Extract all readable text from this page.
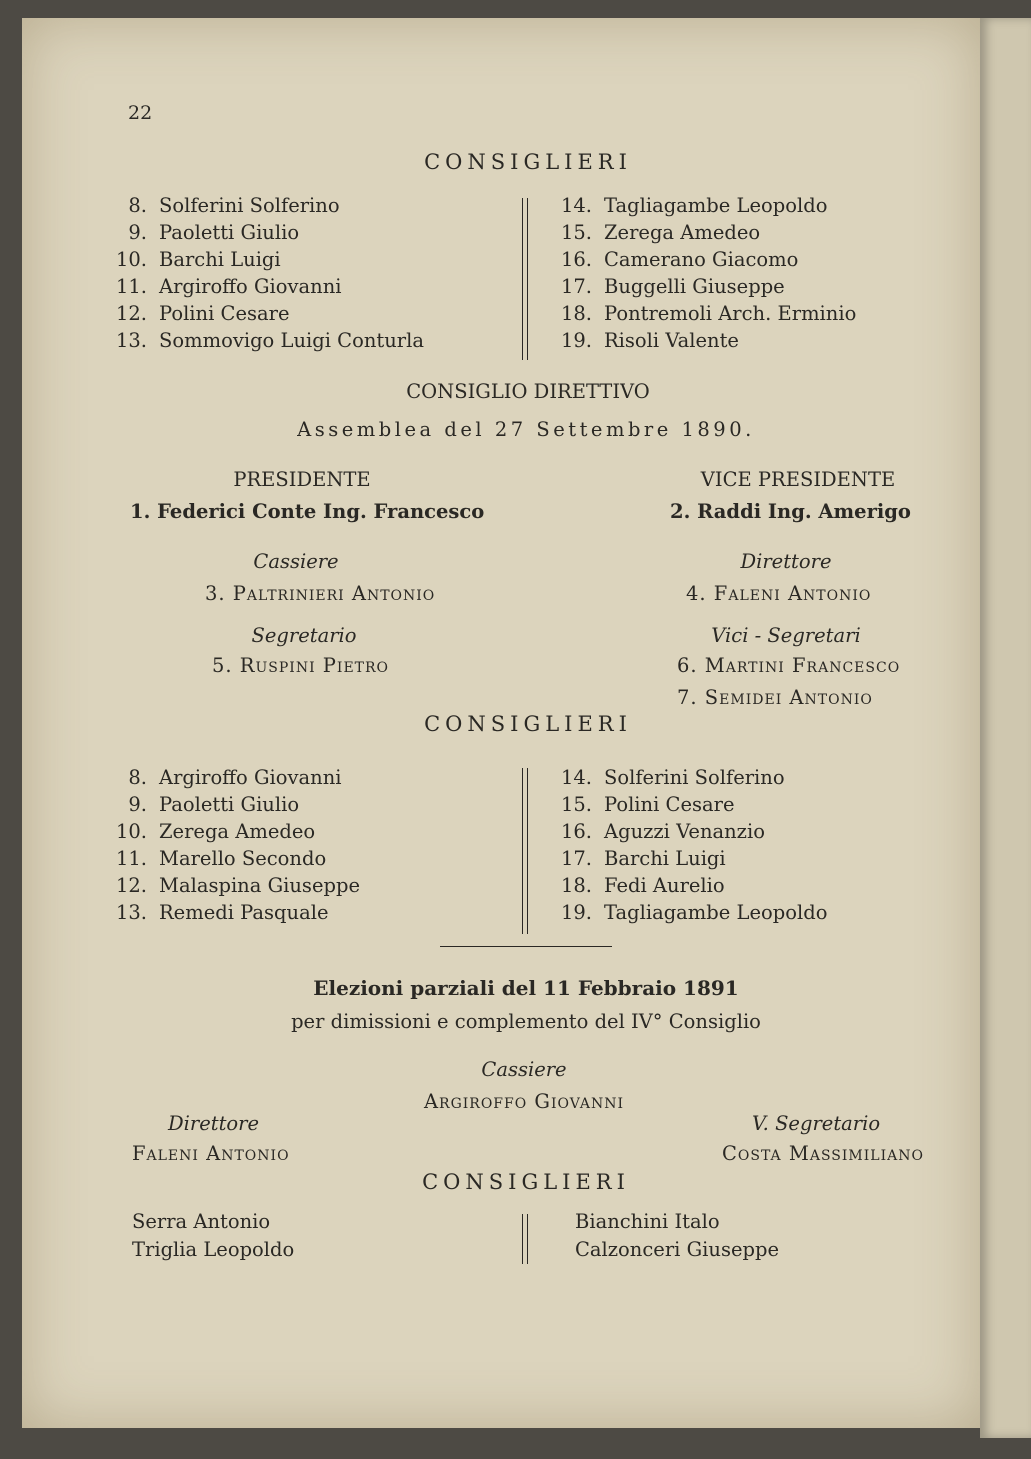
22
CONSIGLIERI
8. Solferini Solferino
9. Paoletti Giulio
10. Barchi Luigi
11. Argiroffo Giovanni
12. Polini Cesare
13. Sommovigo Luigi Conturla
14. Tagliagambe Leopoldo
15. Zerega Amedeo
16. Camerano Giacomo
17. Buggelli Giuseppe
18. Pontremoli Arch. Erminio
19. Risoli Valente
CONSIGLIO DIRETTIVO
Assemblea del 27 Settembre 1890.
PRESIDENTE
1. Federici Conte Ing. Francesco
VICE PRESIDENTE
2. Raddi Ing. Amerigo
Cassiere
3. Paltrinieri Antonio
Direttore
4. Faleni Antonio
Segretario
5. Ruspini Pietro
Vici - Segretari
6. Martini Francesco
7. Semidei Antonio
CONSIGLIERI
8. Argiroffo Giovanni
9. Paoletti Giulio
10. Zerega Amedeo
11. Marello Secondo
12. Malaspina Giuseppe
13. Remedi Pasquale
14. Solferini Solferino
15. Polini Cesare
16. Aguzzi Venanzio
17. Barchi Luigi
18. Fedi Aurelio
19. Tagliagambe Leopoldo
Elezioni parziali del 11 Febbraio 1891
per dimissioni e complemento del IV° Consiglio
Cassiere
Argiroffo Giovanni
Direttore
Faleni Antonio
V. Segretario
Costa Massimiliano
CONSIGLIERI
Serra Antonio
Triglia Leopoldo
Bianchini Italo
Calzonceri Giuseppe
